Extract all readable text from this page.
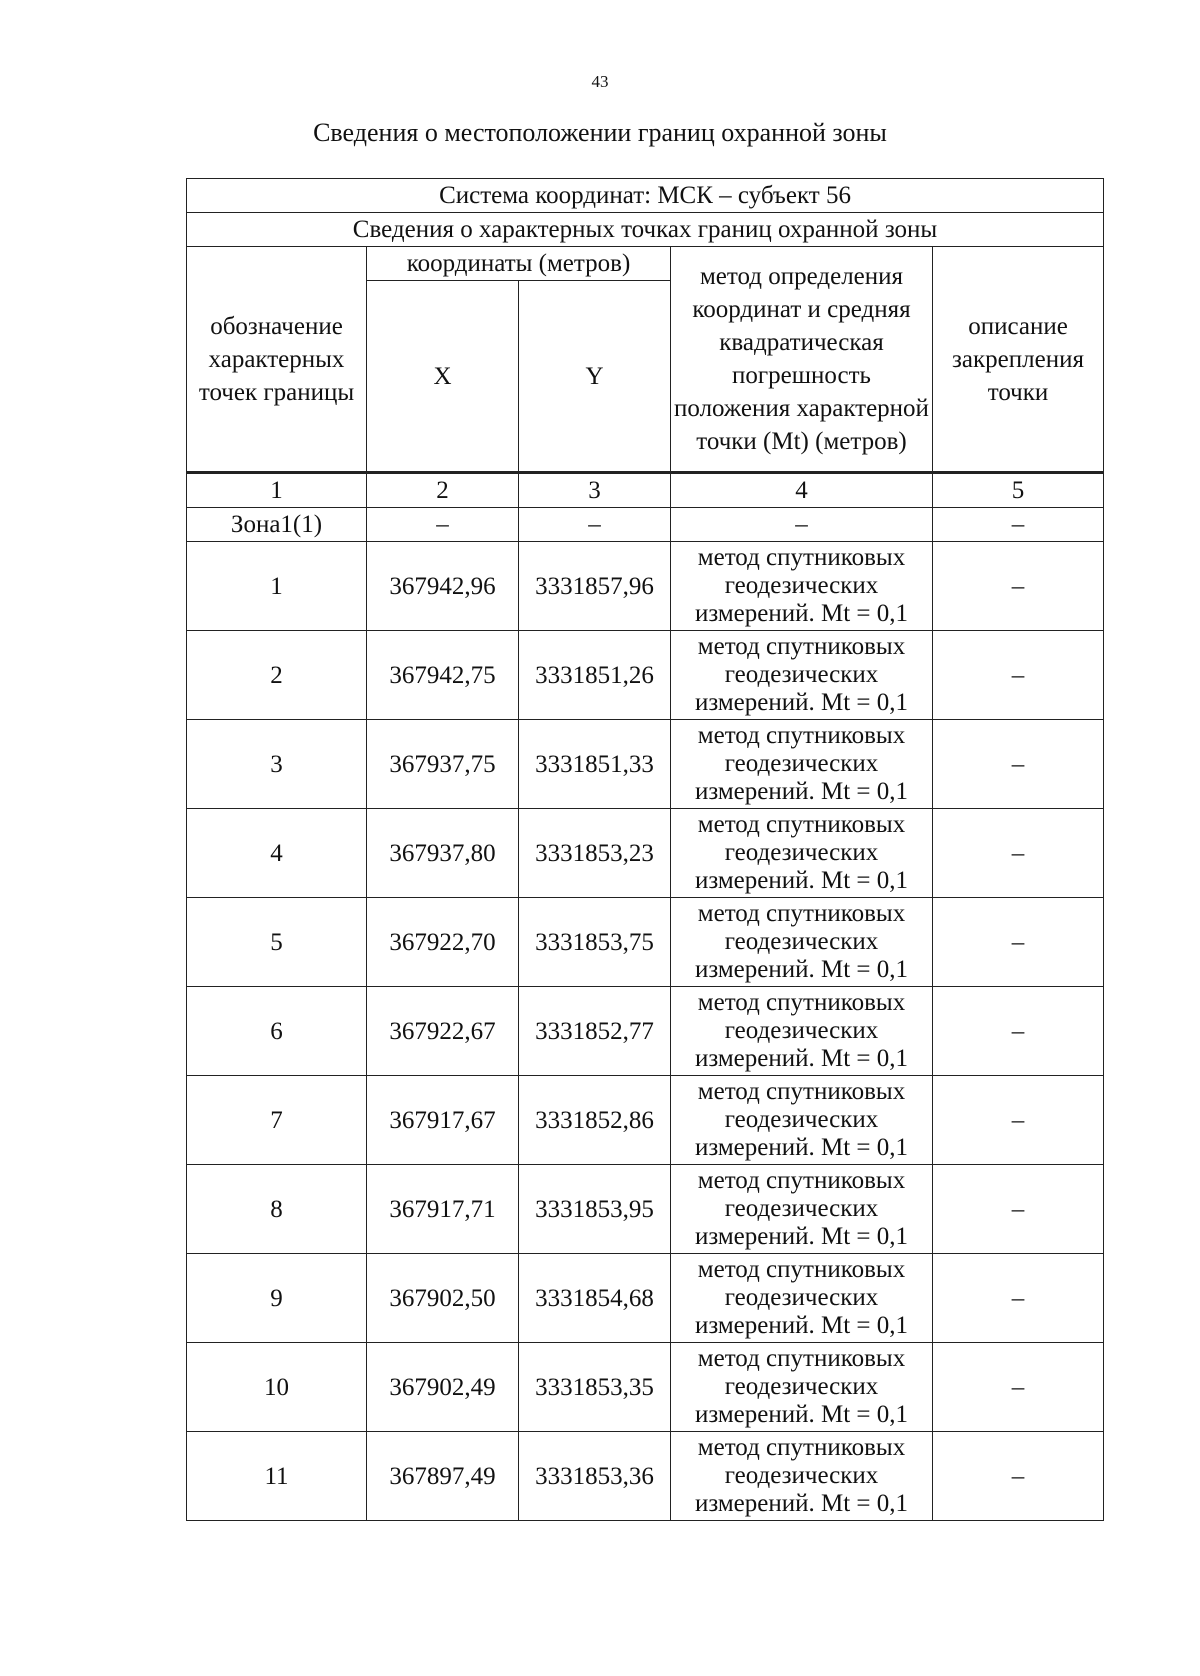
43
Сведения о местоположении границ охранной зоны
Система координат: МСК – субъект 56				
Сведения о характерных точках границ охранной зоны				
обозначение характерных точек границы	координаты (метров)		метод определения координат и средняя квадратическая погрешность положения характерной точки (Mt) (метров)	описание закрепления точки
	X	Y		
1	2	3	4	5
Зона1(1)	–	–	–	–
1	367942,96	3331857,96	метод спутниковых геодезических измерений. Mt = 0,1	–
2	367942,75	3331851,26	метод спутниковых геодезических измерений. Mt = 0,1	–
3	367937,75	3331851,33	метод спутниковых геодезических измерений. Mt = 0,1	–
4	367937,80	3331853,23	метод спутниковых геодезических измерений. Mt = 0,1	–
5	367922,70	3331853,75	метод спутниковых геодезических измерений. Mt = 0,1	–
6	367922,67	3331852,77	метод спутниковых геодезических измерений. Mt = 0,1	–
7	367917,67	3331852,86	метод спутниковых геодезических измерений. Mt = 0,1	–
8	367917,71	3331853,95	метод спутниковых геодезических измерений. Mt = 0,1	–
9	367902,50	3331854,68	метод спутниковых геодезических измерений. Mt = 0,1	–
10	367902,49	3331853,35	метод спутниковых геодезических измерений. Mt = 0,1	–
11	367897,49	3331853,36	метод спутниковых геодезических измерений. Mt = 0,1	–
